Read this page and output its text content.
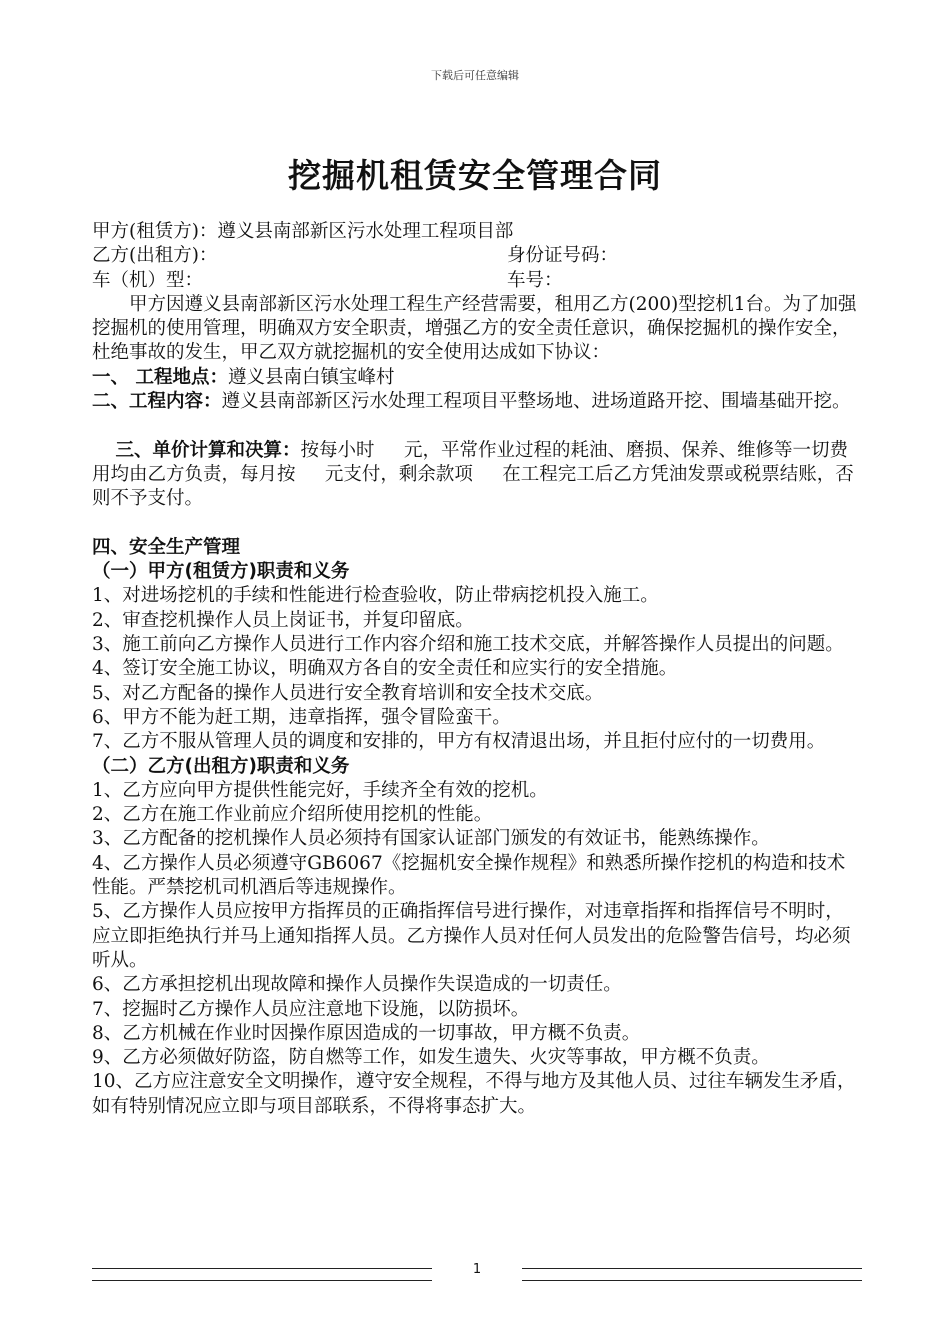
下载后可任意编辑
挖掘机租赁安全管理合同
甲方(租赁方)：遵义县南部新区污水处理工程项目部
乙方(出租方)：	身份证号码：
车（机）型：	车号：
甲方因遵义县南部新区污水处理工程生产经营需要，租用乙方(200)型挖机1台。为了加强挖掘机的使用管理，明确双方安全职责，增强乙方的安全责任意识，确保挖掘机的操作安全，杜绝事故的发生，甲乙双方就挖掘机的安全使用达成如下协议：
一、 工程地点：遵义县南白镇宝峰村
二、工程内容：遵义县南部新区污水处理工程项目平整场地、进场道路开挖、围墙基础开挖。

三、单价计算和决算：按每小时     元，平常作业过程的耗油、磨损、保养、维修等一切费用均由乙方负责，每月按     元支付，剩余款项     在工程完工后乙方凭油发票或税票结账，否则不予支付。

四、安全生产管理
（一）甲方(租赁方)职责和义务
1、对进场挖机的手续和性能进行检查验收，防止带病挖机投入施工。
2、审查挖机操作人员上岗证书，并复印留底。
3、施工前向乙方操作人员进行工作内容介绍和施工技术交底，并解答操作人员提出的问题。
4、签订安全施工协议，明确双方各自的安全责任和应实行的安全措施。
5、对乙方配备的操作人员进行安全教育培训和安全技术交底。
6、甲方不能为赶工期，违章指挥，强令冒险蛮干。
7、乙方不服从管理人员的调度和安排的，甲方有权清退出场，并且拒付应付的一切费用。
（二）乙方(出租方)职责和义务
1、乙方应向甲方提供性能完好，手续齐全有效的挖机。
2、乙方在施工作业前应介绍所使用挖机的性能。
3、乙方配备的挖机操作人员必须持有国家认证部门颁发的有效证书，能熟练操作。
4、乙方操作人员必须遵守GB6067《挖掘机安全操作规程》和熟悉所操作挖机的构造和技术性能。严禁挖机司机酒后等违规操作。
5、乙方操作人员应按甲方指挥员的正确指挥信号进行操作，对违章指挥和指挥信号不明时，应立即拒绝执行并马上通知指挥人员。乙方操作人员对任何人员发出的危险警告信号，均必须听从。
6、乙方承担挖机出现故障和操作人员操作失误造成的一切责任。
7、挖掘时乙方操作人员应注意地下设施，以防损坏。
8、乙方机械在作业时因操作原因造成的一切事故，甲方概不负责。
9、乙方必须做好防盗，防自燃等工作，如发生遗失、火灾等事故，甲方概不负责。
10、乙方应注意安全文明操作，遵守安全规程，不得与地方及其他人员、过往车辆发生矛盾，如有特别情况应立即与项目部联系，不得将事态扩大。
1
